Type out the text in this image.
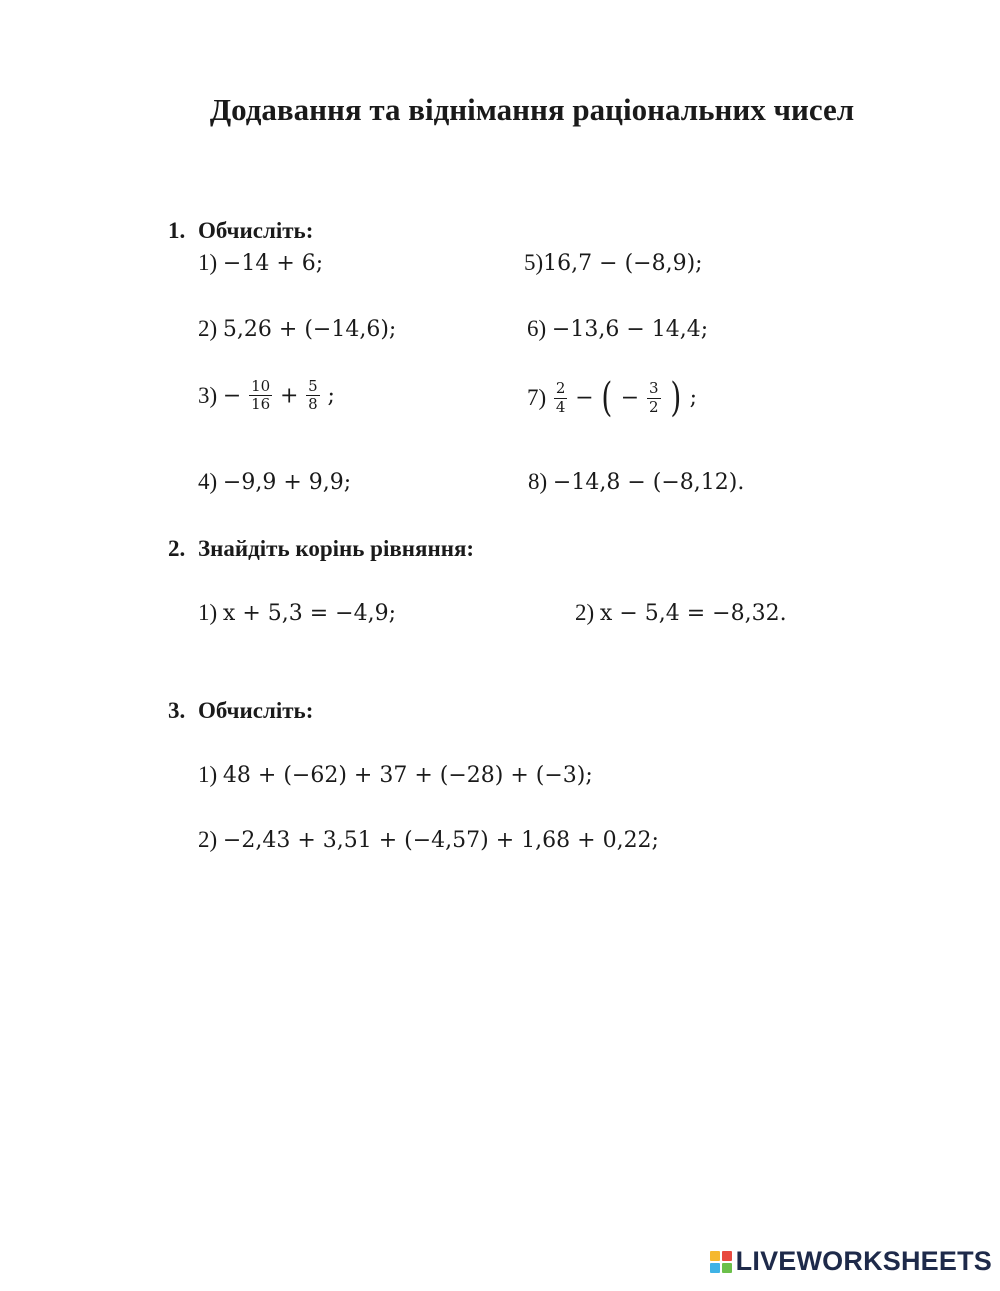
Додавання та віднімання раціональних чисел
1. Обчисліть:
1) −14 + 6;	5)16,7 − (−8,9);
2) 5,26 + (−14,6);	6) −13,6 − 14,4;
$3) - \frac{10}{16} + \frac{5}{8}$ ;	$7) \frac{2}{4}$ − ( − $\frac{3}{2}$ ) ;
4) −9,9 + 9,9;	8) −14,8 − (−8,12).
2. Знайдіть корінь рівняння:
1) x + 5,3 = −4,9;	2) x − 5,4 = −8,32.
3. Обчисліть:
1) 48 + (−62) + 37 + (−28) + (−3);
2) −2,43 + 3,51 + (−4,57) + 1,68 + 0,22;
LIVEWORKSHEETS
